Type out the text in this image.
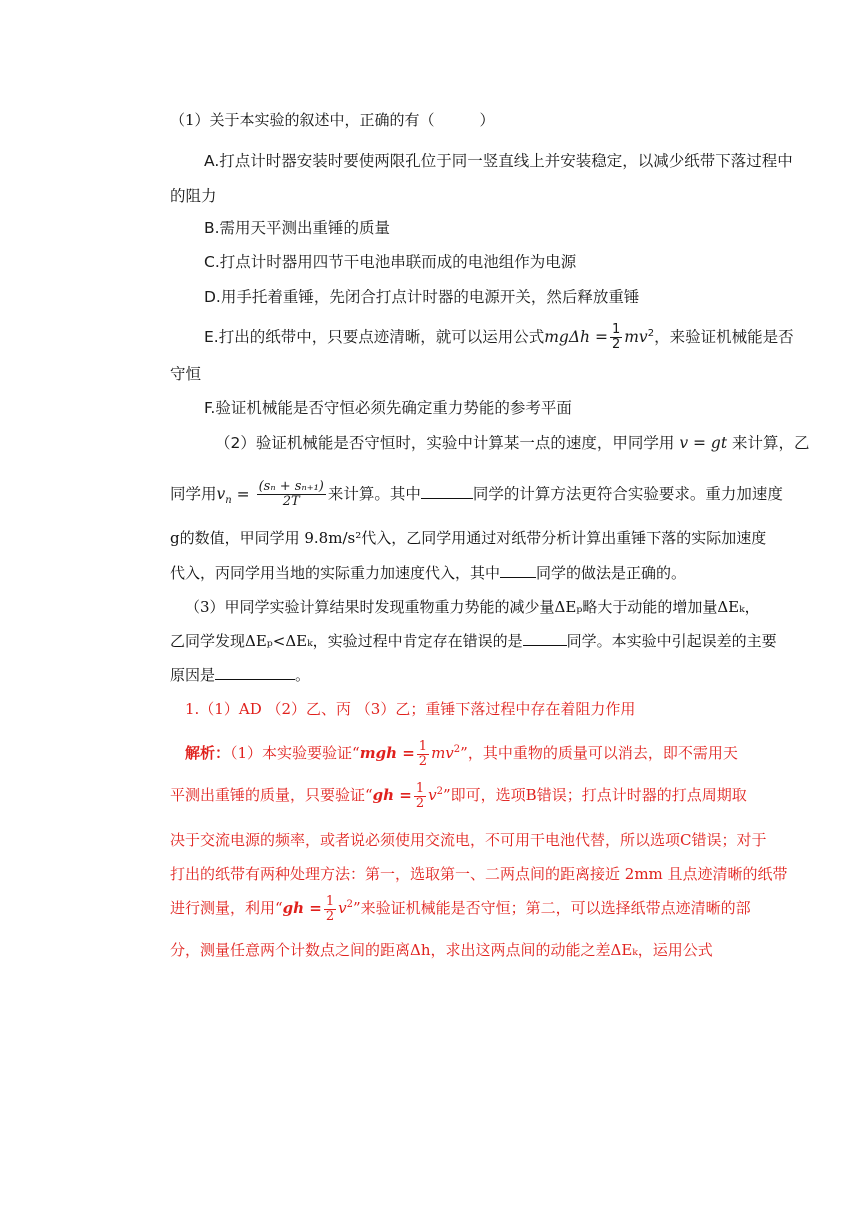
（1）关于本实验的叙述中，正确的有（　　　）
A.打点计时器安装时要使两限孔位于同一竖直线上并安装稳定，以减少纸带下落过程中
的阻力
B.需用天平测出重锤的质量
C.打点计时器用四节干电池串联而成的电池组作为电源
D.用手托着重锤，先闭合打点计时器的电源开关，然后释放重锤
E.打出的纸带中，只要点迹清晰，就可以运用公式$mg\Delta h = \frac{1}{2} mv^2$，来验证机械能是否
守恒
F.验证机械能是否守恒必须先确定重力势能的参考平面
（2）验证机械能是否守恒时，实验中计算某一点的速度，甲同学用 v = gt 来计算，乙
同学用$v_n = \frac{\text{(sₙ + sₙ₊₁)}}{2T}$ 来计算。其中	同学的计算方法更符合实验要求。重力加速度
g的数值，甲同学用 9.8m/s²代入，乙同学用通过对纸带分析计算出重锤下落的实际加速度
代入，丙同学用当地的实际重力加速度代入，其中 同学的做法是正确的。
（3）甲同学实验计算结果时发现重物重力势能的减少量ΔEₚ略大于动能的增加量ΔEₖ，
乙同学发现ΔEₚ<ΔEₖ，实验过程中肯定存在错误的是	同学。本实验中引起误差的主要
原因是	。
1.（1）AD （2）乙、丙 （3）乙；重锤下落过程中存在着阻力作用
解析：（1）本实验要验证“mgh = $\frac{1}{2} mv^2$”，其中重物的质量可以消去，即不需用天
平测出重锤的质量，只要验证“gh = $\frac{1}{2} v^2$”即可，选项B错误；打点计时器的打点周期取
决于交流电源的频率，或者说必须使用交流电，不可用干电池代替，所以选项C错误；对于
打出的纸带有两种处理方法：第一，选取第一、二两点间的距离接近 2mm 且点迹清晰的纸带
进行测量，利用“gh = $\frac{1}{2} v^2$”来验证机械能是否守恒；第二，可以选择纸带点迹清晰的部
分，测量任意两个计数点之间的距离Δh，求出这两点间的动能之差ΔEₖ，运用公式
